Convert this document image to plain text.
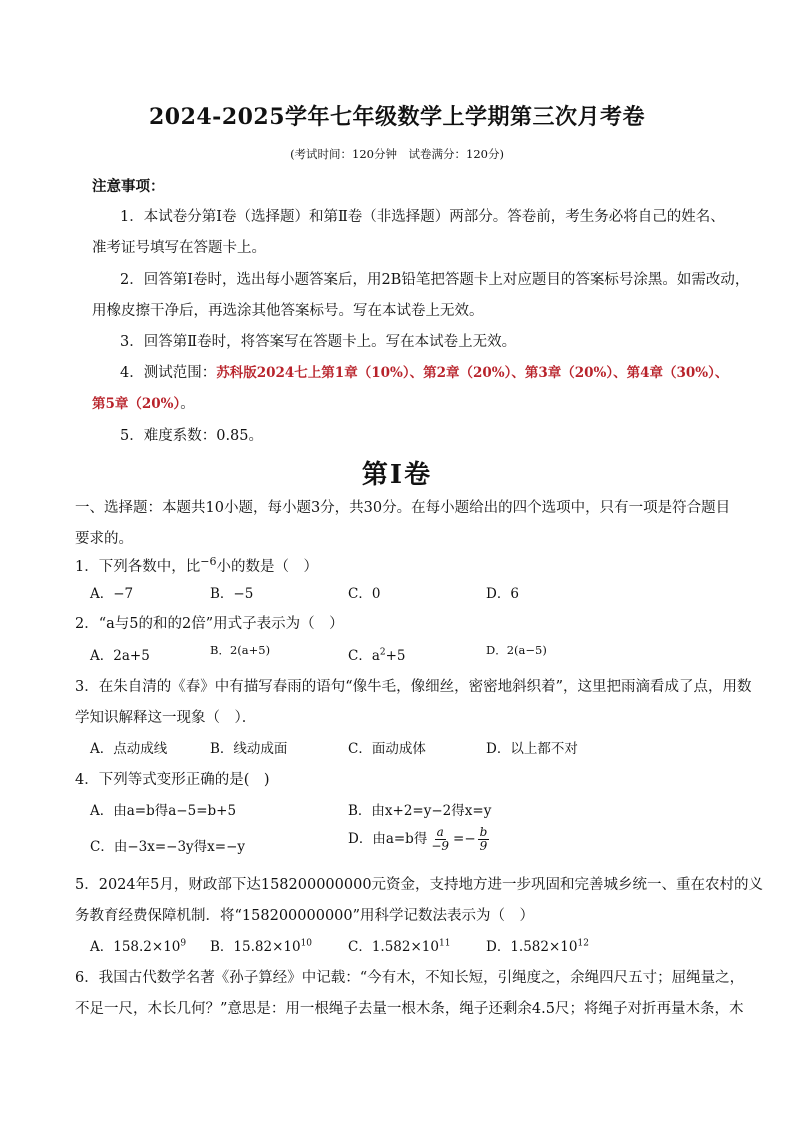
2024-2025学年七年级数学上学期第三次月考卷
(考试时间：120分钟　试卷满分：120分)
注意事项：
1．本试卷分第Ⅰ卷（选择题）和第Ⅱ卷（非选择题）两部分。答卷前，考生务必将自己的姓名、
准考证号填写在答题卡上。
2．回答第Ⅰ卷时，选出每小题答案后，用2B铅笔把答题卡上对应题目的答案标号涂黑。如需改动，
用橡皮擦干净后，再选涂其他答案标号。写在本试卷上无效。
3．回答第Ⅱ卷时，将答案写在答题卡上。写在本试卷上无效。
4．测试范围：苏科版2024七上第1章（10%）、第2章（20%）、第3章（20%）、第4章（30%）、
第5章（20%）。
5．难度系数：0.85。
第Ⅰ卷
一、选择题：本题共10小题，每小题3分，共30分。在每小题给出的四个选项中，只有一项是符合题目
要求的。
1．下列各数中，比$^{-6}$小的数是（　）
A．−7	B．−5	C．0	D．6
2．“a与5的和的2倍”用式子表示为（　）
A．2a+5	B．2(a+5)	C．$a^2+5$	D．2(a−5)
3．在朱自清的《春》中有描写春雨的语句“像牛毛，像细丝，密密地斜织着”，这里把雨滴看成了点，用数
学知识解释这一现象（　）．
A．点动成线	B．线动成面	C．面动成体	D．以上都不对
4．下列等式变形正确的是(　)
A．由a=b得a−5=b+5	B．由x+2=y−2得x=y
C．由−3x=−3y得x=−y	D．由a=b得 $\frac{a}{-9} =- \frac{b}{9}$
5．2024年5月，财政部下达158200000000元资金，支持地方进一步巩固和完善城乡统一、重在农村的义
务教育经费保障机制．将“158200000000”用科学记数法表示为（　）
A．$158.2\times 10^9$ B．$15.82\times 10^{10}$	C．$1.582\times 10^{11}$	D．$1.582\times 10^{12}$
6．我国古代数学名著《孙子算经》中记载：“今有木，不知长短，引绳度之，余绳四尺五寸；屈绳量之，
不足一尺，木长几何？”意思是：用一根绳子去量一根木条，绳子还剩余4.5尺；将绳子对折再量木条，木
